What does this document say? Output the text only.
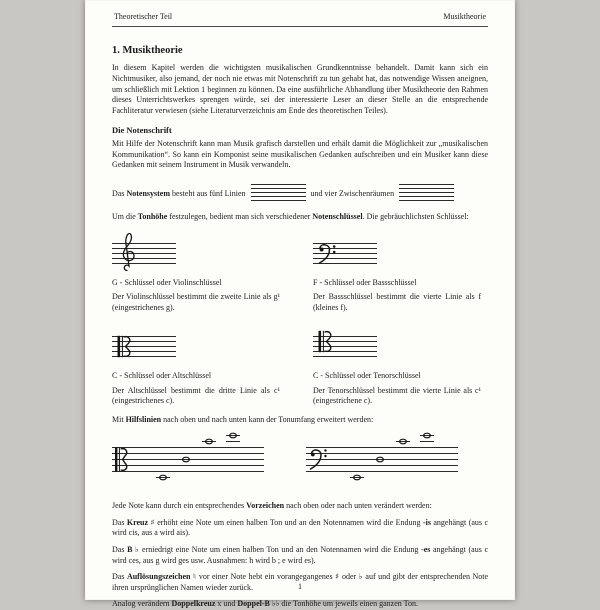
Theoretischer Teil	Musiktheorie
1. Musiktheorie

In diesem Kapitel werden die wichtigsten musikalischen Grundkenntnisse behandelt. Damit kann sich ein Nichtmusiker, also jemand, der noch nie etwas mit Notenschrift zu tun gehabt hat, das notwendige Wissen aneignen, um schließlich mit Lektion 1 beginnen zu können. Da eine ausführliche Abhandlung über Musiktheorie den Rahmen dieses Unterrichtswerkes sprengen würde, sei der interessierte Leser an dieser Stelle an die entsprechende Fachliteratur verwiesen (siehe Literaturverzeichnis am Ende des theoretischen Teiles).

Die Notenschrift

Mit Hilfe der Notenschrift kann man Musik grafisch darstellen und erhält damit die Möglichkeit zur „musikalischen Kommunikation“. So kann ein Komponist seine musikalischen Gedanken aufschreiben und ein Musiker kann diese Gedanken mit seinem Instrument in Musik verwandeln.

Das Notensystem besteht aus fünf Linien	und vier Zwischenräumen

Um die Tonhöhe festzulegen, bedient man sich verschiedener Notenschlüssel. Die gebräuchlichsten Schlüssel:

G - Schlüssel oder Violinschlüssel
Der Violinschlüssel bestimmt die zweite Linie als g¹ (eingestrichenes g).
F - Schlüssel oder Bassschlüssel
Der Bassschlüssel bestimmt die vierte Linie als f (kleines f).
C - Schlüssel oder Altschlüssel
Der Altschlüssel bestimmt die dritte Linie als c¹ (eingestrichenes c).
C - Schlüssel oder Tenorschlüssel
Der Tenorschlüssel bestimmt die vierte Linie als c¹ (eingestrichene c).

Mit Hilfslinien nach oben und nach unten kann der Tonumfang erweitert werden:

Jede Note kann durch ein entsprechendes Vorzeichen nach oben oder nach unten verändert werden:

Das Kreuz ♯ erhöht eine Note um einen halben Ton und an den Notennamen wird die Endung -is angehängt (aus c wird cis, aus a wird ais).

Das B ♭ erniedrigt eine Note um einen halben Ton und an den Notennamen wird die Endung -es angehängt (aus c wird ces, aus g wird ges usw. Ausnahmen: h wird b ; e wird es).

Das Auflösungszeichen ♮ vor einer Note hebt ein vorangegangenes ♯ oder ♭ auf und gibt der entsprechenden Note ihren ursprünglichen Namen wieder zurück.

Analog verändern Doppelkreuz x und Doppel-B ♭♭ die Tonhöhe um jeweils einen ganzen Ton.

1
